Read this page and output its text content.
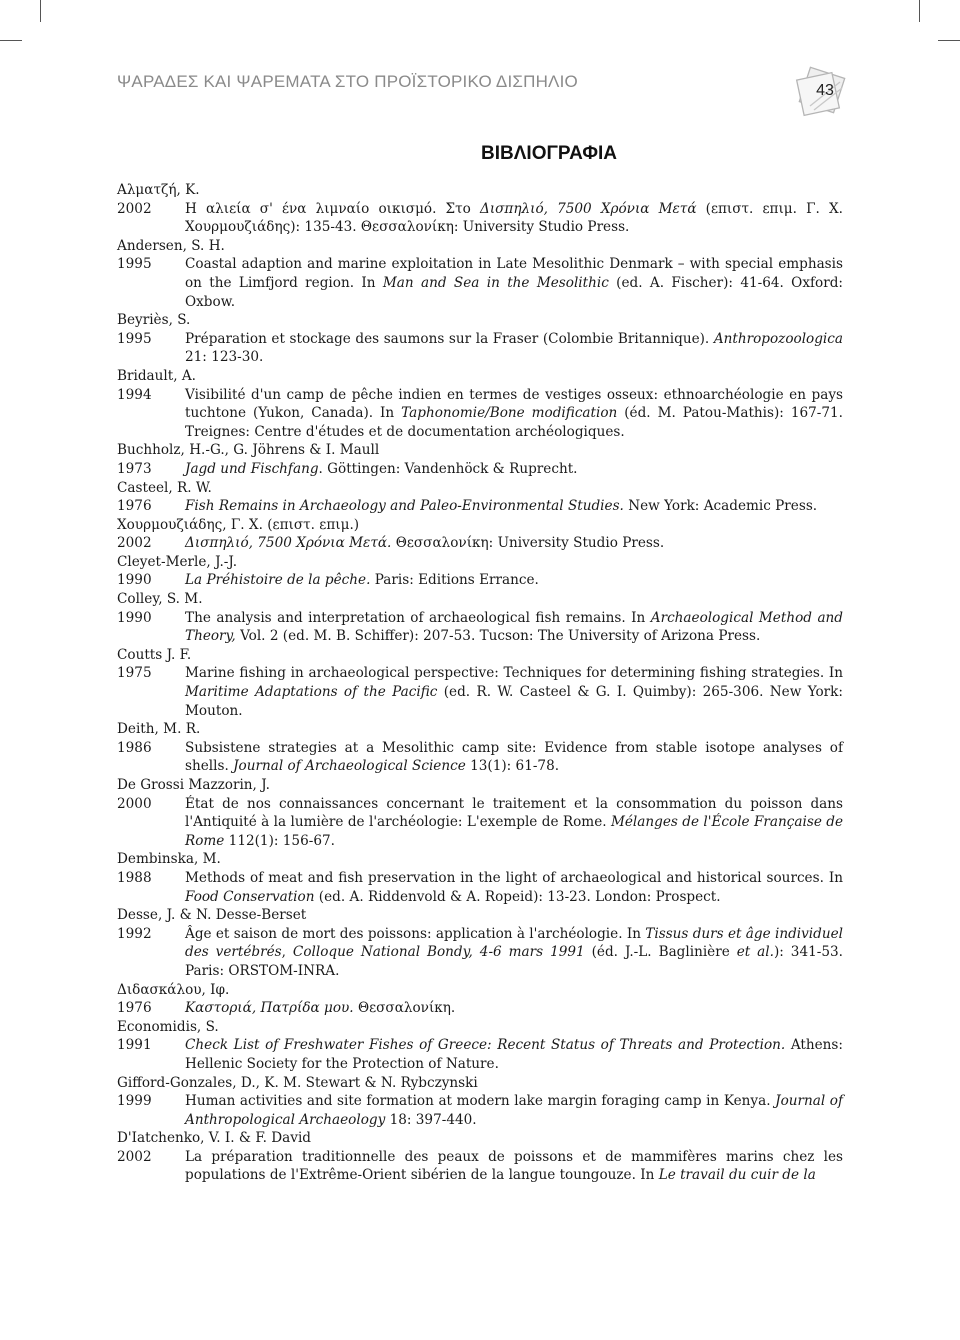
ΨΑΡΑΔΕΣ ΚΑΙ ΨΑΡΕΜΑΤΑ ΣΤΟ ΠΡΟΪΣΤΟΡΙΚΟ ΔΙΣΠΗΛΙΟ	43
ΒΙΒΛΙΟΓΡΑΦΙΑ
Αλματζή, Κ.
2002	Η αλιεία σ' ένα λιμναίο οικισμό. Στο Δισπηλιό, 7500 Χρόνια Μετά (επιστ. επιμ. Γ. Χ. Χουρμουζιάδης): 135-43. Θεσσαλονίκη: University Studio Press.
Andersen, S. H.
1995	Coastal adaption and marine exploitation in Late Mesolithic Denmark – with special emphasis on the Limfjord region. In Man and Sea in the Mesolithic (ed. A. Fischer): 41-64. Oxford: Oxbow.
Beyriès, S.
1995	Préparation et stockage des saumons sur la Fraser (Colombie Britannique). Anthropozoologica 21: 123-30.
Bridault, A.
1994	Visibilité d'un camp de pêche indien en termes de vestiges osseux: ethnoarchéologie en pays tuchtone (Yukon, Canada). In Taphonomie/Bone modification (éd. M. Patou-Mathis): 167-71. Treignes: Centre d'études et de documentation archéologiques.
Buchholz, H.-G., G. Jöhrens & I. Maull
1973	Jagd und Fischfang. Göttingen: Vandenhöck & Ruprecht.
Casteel, R. W.
1976	Fish Remains in Archaeology and Paleo-Environmental Studies. New York: Academic Press.
Χουρμουζιάδης, Γ. Χ. (επιστ. επιμ.)
2002	Δισπηλιό, 7500 Χρόνια Μετά. Θεσσαλονίκη: University Studio Press.
Cleyet-Merle, J.-J.
1990	La Préhistoire de la pêche. Paris: Editions Errance.
Colley, S. M.
1990	The analysis and interpretation of archaeological fish remains. In Archaeological Method and Theory, Vol. 2 (ed. M. B. Schiffer): 207-53. Tucson: The University of Arizona Press.
Coutts J. F.
1975	Marine fishing in archaeological perspective: Techniques for determining fishing strategies. In Maritime Adaptations of the Pacific (ed. R. W. Casteel & G. I. Quimby): 265-306. New York: Mouton.
Deith, M. R.
1986	Subsistene strategies at a Mesolithic camp site: Evidence from stable isotope analyses of shells. Journal of Archaeological Science 13(1): 61-78.
De Grossi Mazzorin, J.
2000	État de nos connaissances concernant le traitement et la consommation du poisson dans l'Antiquité à la lumière de l'archéologie: L'exemple de Rome. Mélanges de l'École Française de Rome 112(1): 156-67.
Dembinska, M.
1988	Methods of meat and fish preservation in the light of archaeological and historical sources. In Food Conservation (ed. A. Riddenvold & A. Ropeid): 13-23. London: Prospect.
Desse, J. & N. Desse-Berset
1992	Âge et saison de mort des poissons: application à l'archéologie. In Tissus durs et âge individuel des vertébrés, Colloque National Bondy, 4-6 mars 1991 (éd. J.-L. Baglinière et al.): 341-53. Paris: ORSTOM-INRA.
Διδασκάλου, Ιφ.
1976	Καστοριά, Πατρίδα μου. Θεσσαλονίκη.
Economidis, S.
1991	Check List of Freshwater Fishes of Greece: Recent Status of Threats and Protection. Athens: Hellenic Society for the Protection of Nature.
Gifford-Gonzales, D., K. M. Stewart & N. Rybczynski
1999	Human activities and site formation at modern lake margin foraging camp in Kenya. Journal of Anthropological Archaeology 18: 397-440.
D'Iatchenko, V. I. & F. David
2002	La préparation traditionnelle des peaux de poissons et de mammifères marins chez les populations de l'Extrême-Orient sibérien de la langue toungouze. In Le travail du cuir de la
